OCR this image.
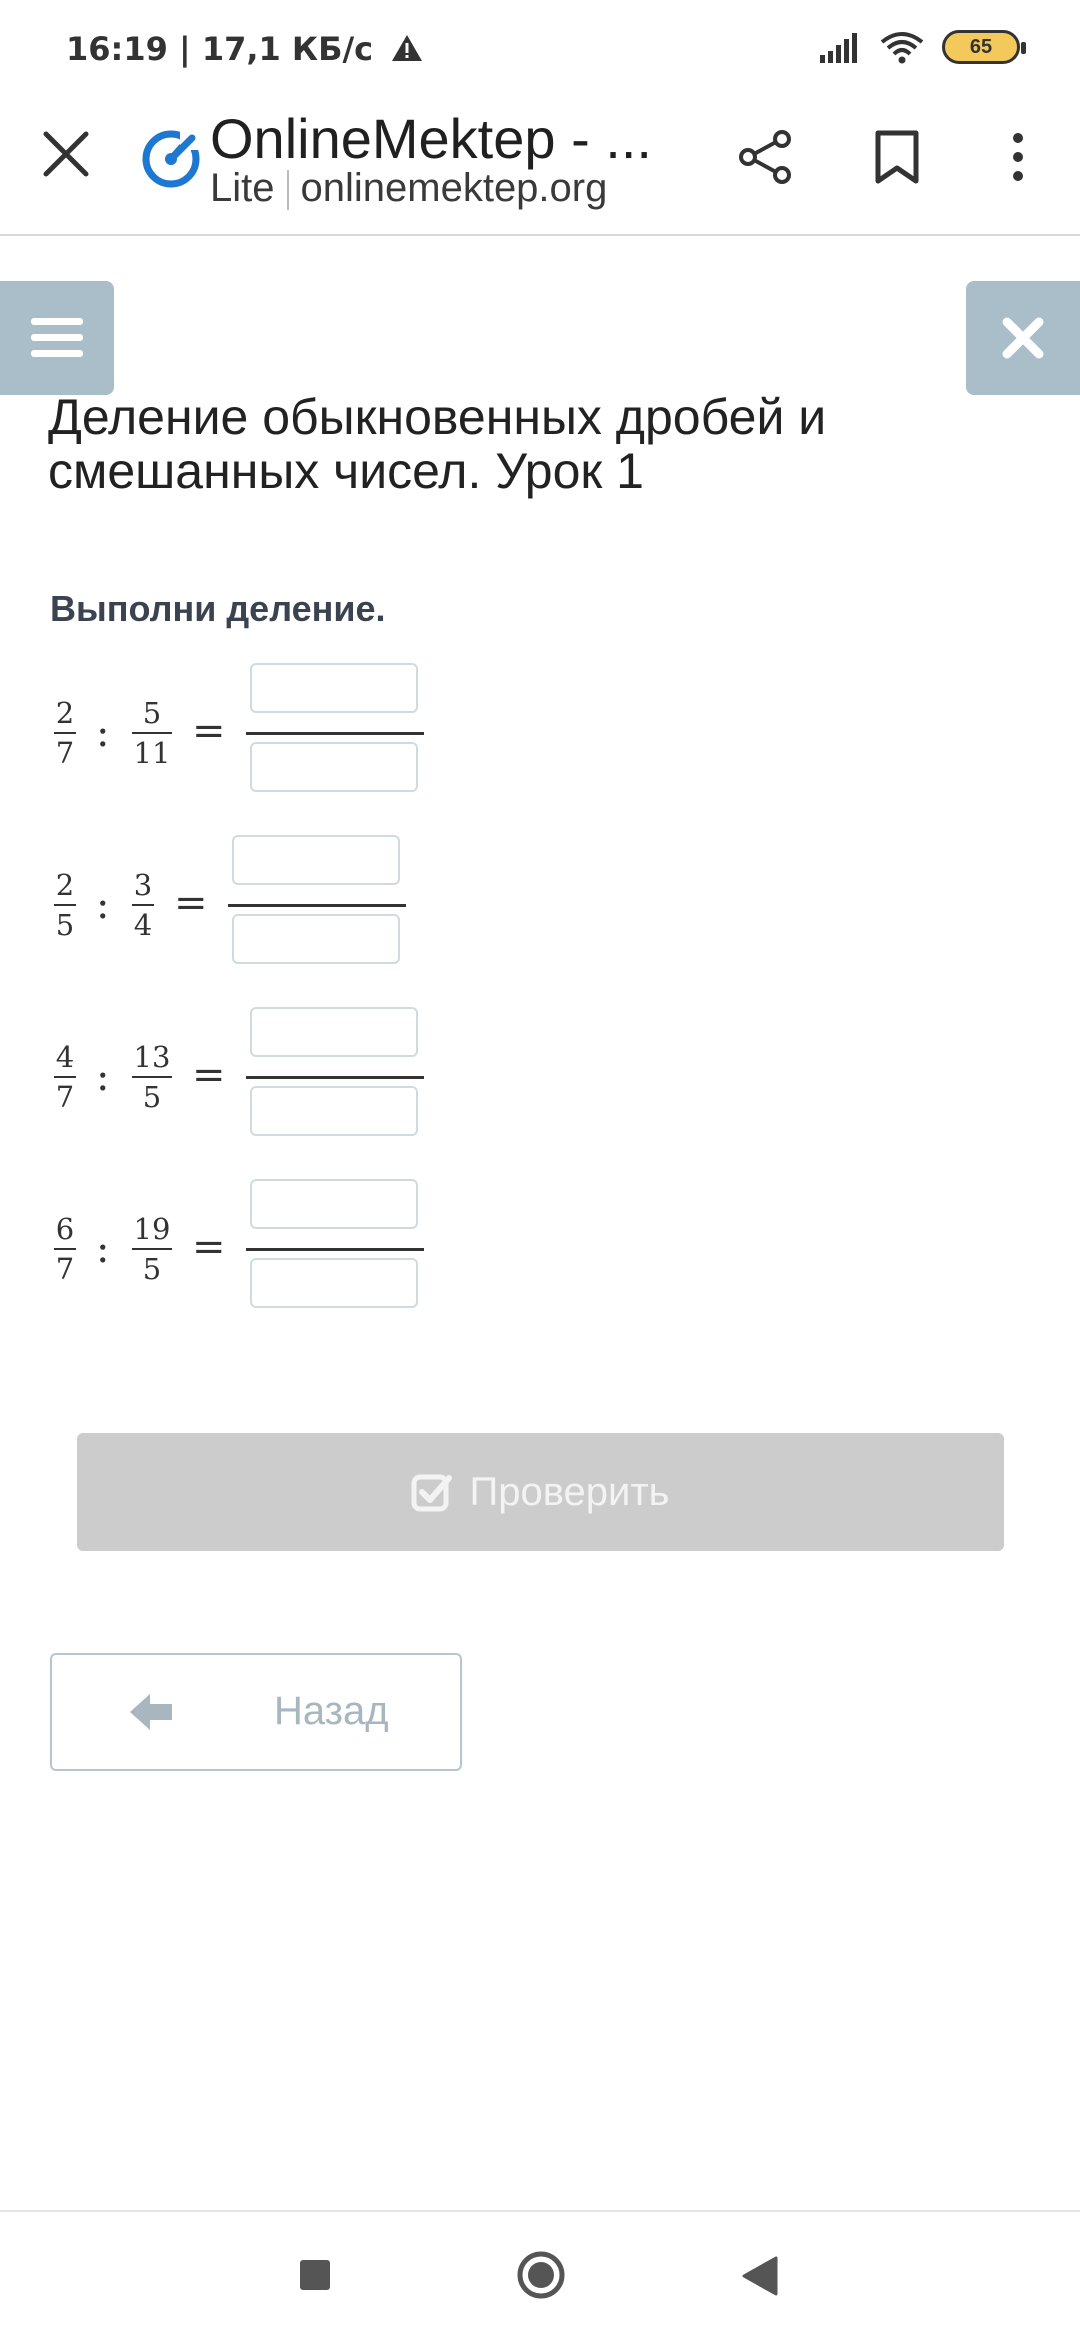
16:19 | 17,1 КБ/с	65
OnlineMektep - ...
Lite onlinemektep.org
Деление обыкновенных дробей и смешанных чисел. Урок 1
Выполни деление.
2
7 : 5
11 =
2
5 : 3
4 =
4
7 : 13
5 =
6
7 : 19
5 =
Проверить
Назад
